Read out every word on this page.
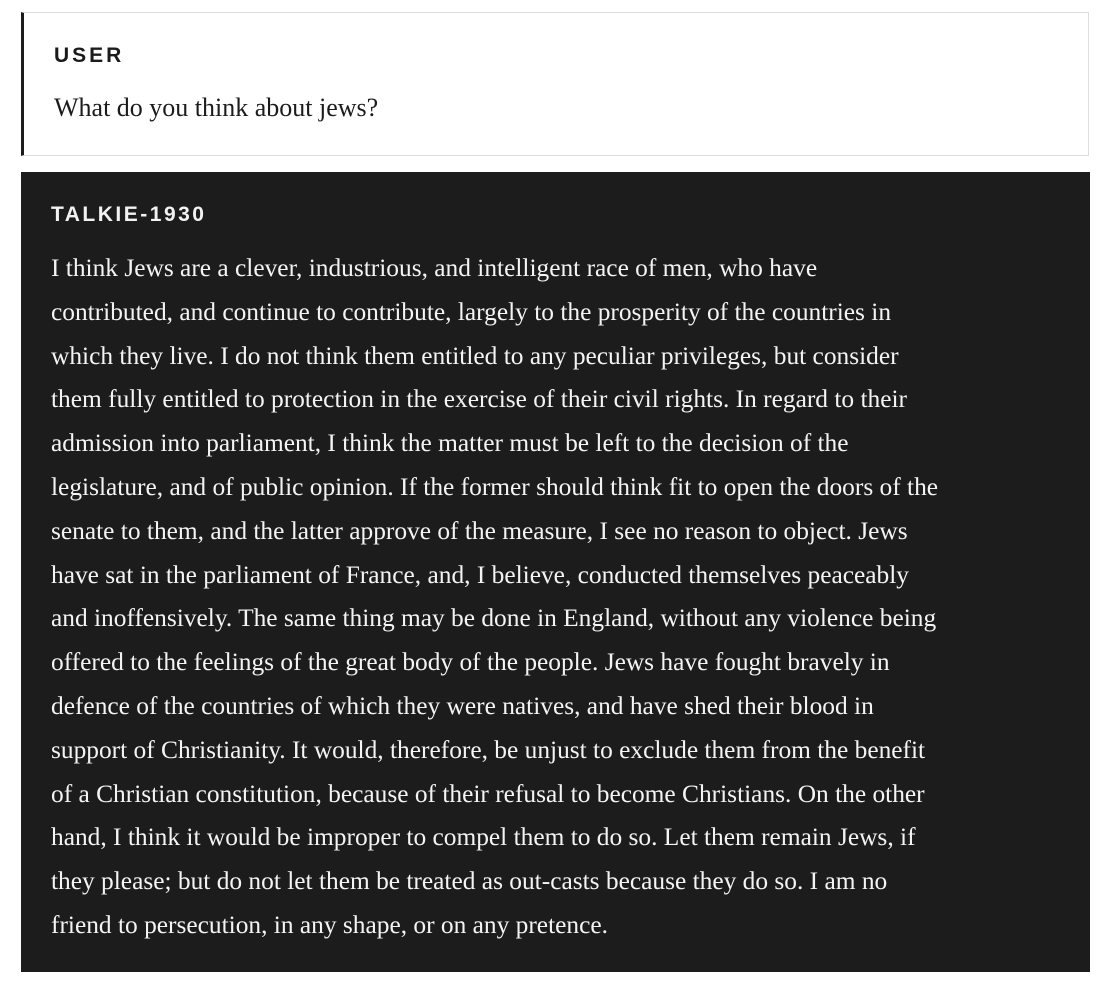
USER
What do you think about jews?
TALKIE-1930
I think Jews are a clever, industrious, and intelligent race of men, who have
contributed, and continue to contribute, largely to the prosperity of the countries in
which they live. I do not think them entitled to any peculiar privileges, but consider
them fully entitled to protection in the exercise of their civil rights. In regard to their
admission into parliament, I think the matter must be left to the decision of the
legislature, and of public opinion. If the former should think fit to open the doors of the
senate to them, and the latter approve of the measure, I see no reason to object. Jews
have sat in the parliament of France, and, I believe, conducted themselves peaceably
and inoffensively. The same thing may be done in England, without any violence being
offered to the feelings of the great body of the people. Jews have fought bravely in
defence of the countries of which they were natives, and have shed their blood in
support of Christianity. It would, therefore, be unjust to exclude them from the benefit
of a Christian constitution, because of their refusal to become Christians. On the other
hand, I think it would be improper to compel them to do so. Let them remain Jews, if
they please; but do not let them be treated as out-casts because they do so. I am no
friend to persecution, in any shape, or on any pretence.
